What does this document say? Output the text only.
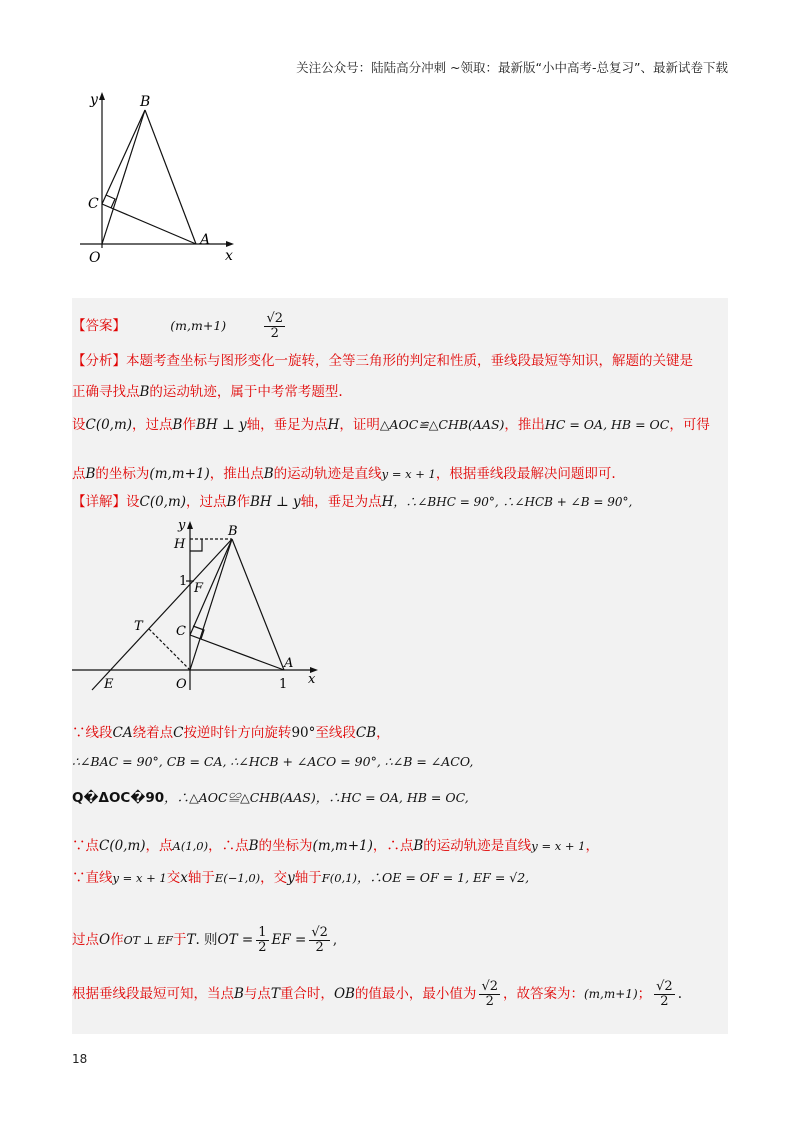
关注公众号：陆陆高分冲刺 ~领取：最新版“小中高考-总复习”、最新试卷下载
y	B
C
O
A
x
【答案】	(m,m+1)	$\frac{√2}{2}$
【分析】本题考查坐标与图形变化一旋转，全等三角形的判定和性质，垂线段最短等知识，解题的关键是
正确寻找点B的运动轨迹，属于中考常考题型.
设C(0,m)，过点B作BH ⊥ y轴，垂足为点H，证明△AOC≌△CHB(AAS)，推出HC = OA, HB = OC，可得
点B的坐标为(m,m+1)，推出点B的运动轨迹是直线y = x + 1，根据垂线段最解决问题即可.
【详解】设C(0,m)，过点B作BH ⊥ y轴，垂足为点H，∴∠BHC = 90°, ∴∠HCB + ∠B = 90°,
y
H
B
1 F
T	C
A
E	O	1 x
∵线段CA绕着点C按逆时针方向旋转90°至线段CB，
∴∠BAC = 90°, CB = CA, ∴∠HCB + ∠ACO = 90°, ∴∠B = ∠ACO,
Q�ΔOC�90，∴△AOC≌△CHB(AAS)，∴HC = OA, HB = OC,
∵点C(0,m)，点A(1,0)，∴点B的坐标为(m,m+1)，∴点B的运动轨迹是直线y = x + 1，
∵直线y = x + 1交x轴于E(−1,0)，交y轴于F(0,1)，∴OE = OF = 1, EF = √2,
过点O作OT ⊥ EF于T. 则OT = $\frac{1}{2}$ EF = $\frac{√2}{2}$ ,
根据垂线段最短可知，当点B与点T重合时，OB的值最小，最小值为 $\frac{√2}{2}$ ，故答案为：(m,m+1)； $\frac{√2}{2}$ .
18
